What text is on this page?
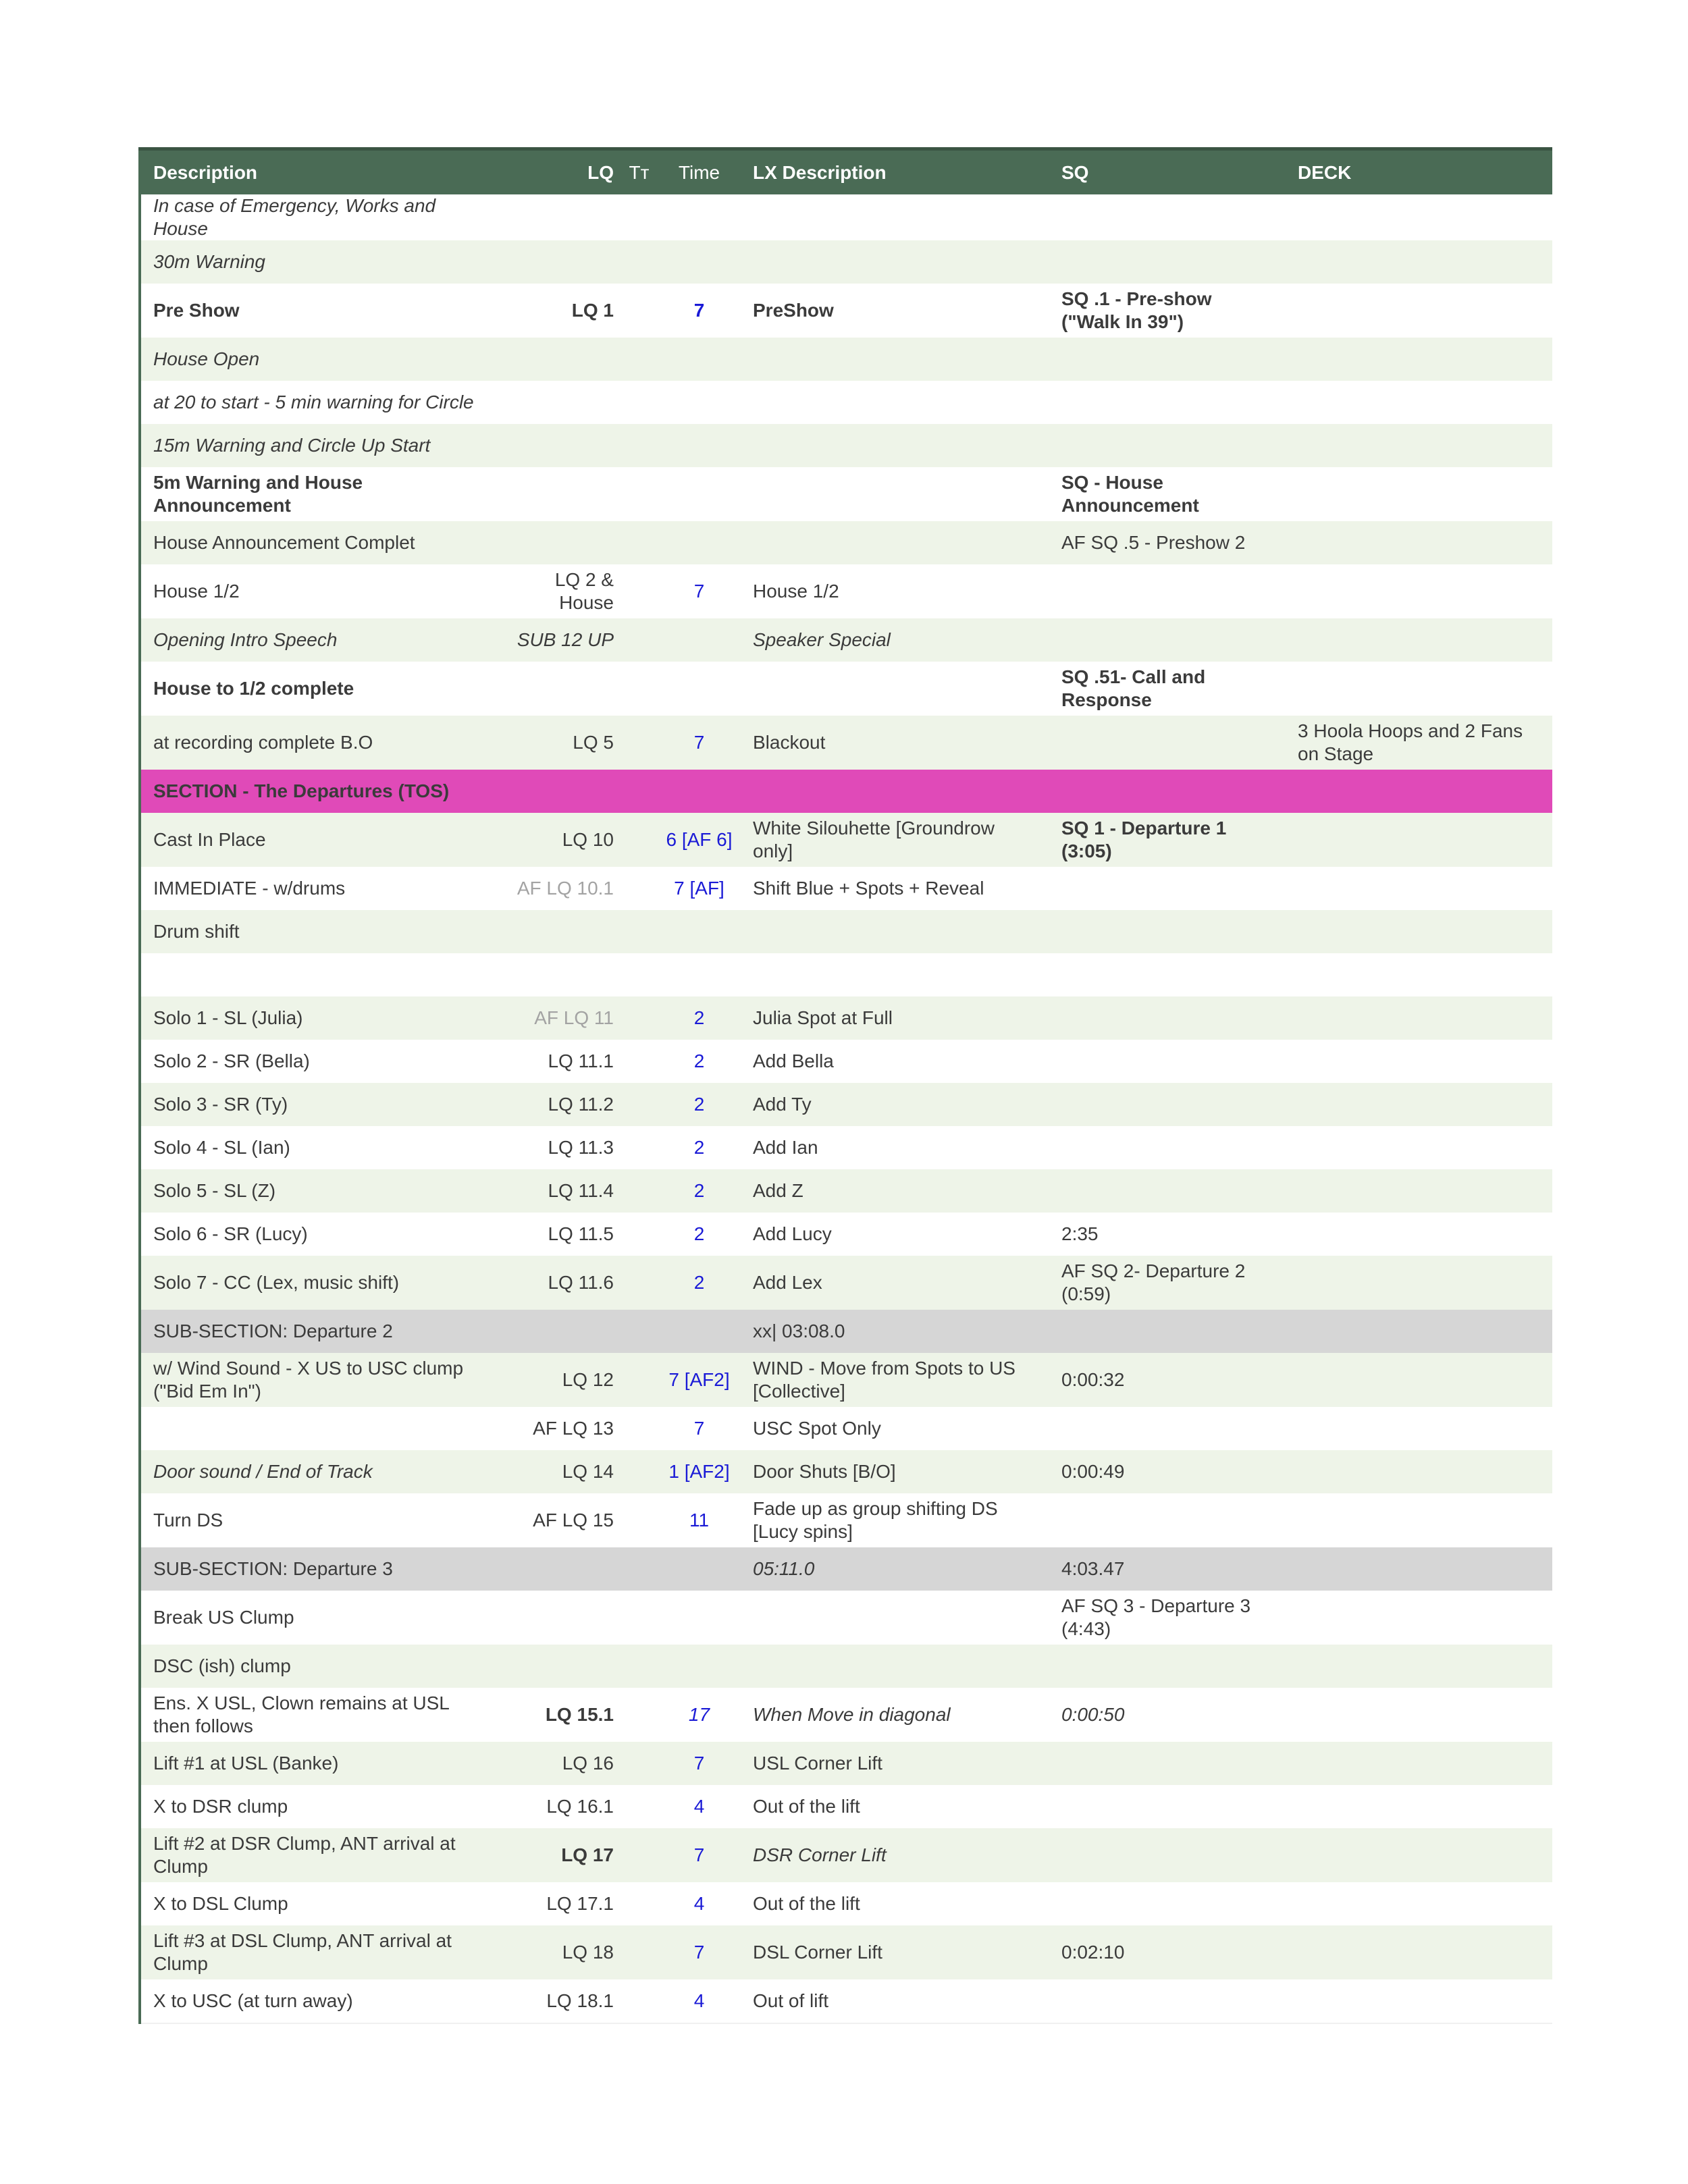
Description	LQ	Tт	Time	LX Description	SQ	DECK
In case of Emergency, Works and House						
30m Warning						
Pre Show	LQ 1		7	PreShow	SQ .1 - Pre-show ("Walk In 39")	
House Open						
at 20 to start - 5 min warning for Circle						
15m Warning and Circle Up Start						
5m Warning and House Announcement					SQ - House Announcement	
House Announcement Complet					AF SQ .5 - Preshow 2	
House 1/2	LQ 2 & House		7	House 1/2		
Opening Intro Speech	SUB 12 UP			Speaker Special		
House to 1/2 complete					SQ .51- Call and Response	
at recording complete B.O	LQ 5		7	Blackout		3 Hoola Hoops and 2 Fans on Stage
SECTION - The Departures (TOS)						
Cast In Place	LQ 10		6 [AF 6]	White Silouhette [Groundrow only]	SQ 1 - Departure 1 (3:05)	
IMMEDIATE - w/drums	AF LQ 10.1		7 [AF]	Shift Blue + Spots + Reveal		
Drum shift						

Solo 1 - SL (Julia)	AF LQ 11		2	Julia Spot at Full		
Solo 2 - SR (Bella)	LQ 11.1		2	Add Bella		
Solo 3 - SR (Ty)	LQ 11.2		2	Add Ty		
Solo 4 - SL (Ian)	LQ 11.3		2	Add Ian		
Solo 5 - SL (Z)	LQ 11.4		2	Add Z		
Solo 6 - SR (Lucy)	LQ 11.5		2	Add Lucy	2:35	
Solo 7 - CC (Lex, music shift)	LQ 11.6		2	Add Lex	AF SQ 2- Departure 2 (0:59)	
SUB-SECTION: Departure 2				xx| 03:08.0		
w/ Wind Sound - X US to USC clump ("Bid Em In")	LQ 12		7 [AF2]	WIND - Move from Spots to US [Collective]	0:00:32	
	AF LQ 13		7	USC Spot Only		
Door sound / End of Track	LQ 14		1 [AF2]	Door Shuts [B/O]	0:00:49	
Turn DS	AF LQ 15		11	Fade up as group shifting DS [Lucy spins]		
SUB-SECTION: Departure 3				05:11.0	4:03.47	
Break US Clump					AF SQ 3 - Departure 3 (4:43)	
DSC (ish) clump						
Ens. X USL, Clown remains at USL then follows	LQ 15.1		17	When Move in diagonal	0:00:50	
Lift #1 at USL (Banke)	LQ 16		7	USL Corner Lift		
X to DSR clump	LQ 16.1		4	Out of the lift		
Lift #2 at DSR Clump, ANT arrival at Clump	LQ 17		7	DSR Corner Lift		
X to DSL Clump	LQ 17.1		4	Out of the lift		
Lift #3 at DSL Clump, ANT arrival at Clump	LQ 18		7	DSL Corner Lift	0:02:10	
X to USC (at turn away)	LQ 18.1		4	Out of lift		
